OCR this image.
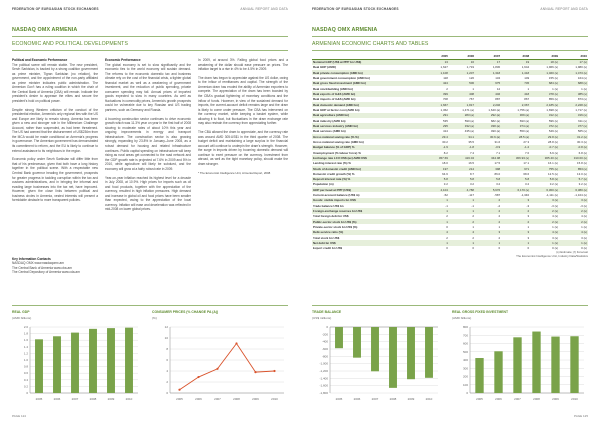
FEDERATION OF EUROASIAN STOCK EXCHANGES	ANNUAL REPORT AND DATA
NASDAQ OMX ARMENIA
ECONOMIC AND POLITICAL DEVELOPMENTS
Political and Economic Performance

The political scene will remain stable. The new president, Serzh Sarkisian, is backed by a strong coalition government as prime minister, Tigran Sarkisian (no relation), the government, and the appointment of the non-party affiliated as prime minister indicates public administration. The Armenian Gov't has a ruling coalition in which the chair of the Central Bank of Armenia (CBA) will remain. Indicate the president's desire to appease the elites and secure the president's hold on political power.

Despite strong Western criticism of the conduct of the presidential election, Armenia's only regional ties with the US and Europe are likely to remain strong. Armenia has been given a new and stronger role in the Millennium Challenge Account, rather than suspended, as had been threatened. The US had warned that the disbursement of US$236m from the MCA would be made conditional on Armenia's progress in governance. The Armenian government has demonstrated its commitment to reform, and the EU is likely to continue to extend assistance to its neighbours in the region.

Economic policy under Serzh Sarkisian will differ little from that of his predecessor, given that both have a long history together in the political scene. With a respectable new Central Bank governor heading the government, prospects for greater progress in tackling corruption within the tax and customs administrations, and in bringing the informal and evading large businesses into the tax net, have improved. However, given the close links between political and business circles in Armenia, vested interests will present a formidable obstacle to more transparent policies.

Economic Performance

The global economy is set to slow significantly and the economic ties to the world economy will sustain demand. The reforms to the economic domestic tax and business climate rely on the cost of the financial crisis, a tighter global financial market as well as a weakening of government investment, and the reduction of public spending, private consumer spending may fall. Annual prices of imported goods expected to slow in many countries. As well as fluctuations in commodity prices, Armenia's growth prospects could be vulnerable due to key Russian and US trading partners, such as Germany and Russia.

A booming construction sector continues to drive economic growth which was 11.3% year on year in the first half of 2008 slowing to moderate rates of about 10% this year and ongoing improvements in energy and transport infrastructure. The construction sector is also growing strongly, expanding by 23.8% in January–June 2008, as a robust demand for housing and related infrastructure continues. Public capital spending on infrastructure will keep rising as rural areas get connected to the road network and the GDP growth rate is projected at 7.6% in 2009 and 5% in 2010, while agriculture will likely be subdued, and the economy will grow at a fairly robust rate in 2009.

Year-on-year inflation reached its highest level for a decade in July 2008, at 10.9%. High prices for imports such as oil and food products, together with the appreciation of the currency, resulted in high inflation pressures. High demand and increase in global oil and food prices have been smaller than expected, owing to the appreciation of the local currency. Inflation will ease and deceleration was reflected in mid-2008 on lower global prices.

In 2009, at around 3%. Falling global food prices and a weakening of the dollar should ease pressure on prices. The inflation target is a rise in 4% to be 4.5% in 2009.

The dram has begun to appreciate against the US dollar, owing to the inflow of remittances and capital. The strength of the Armenian dram has eroded the ability of Armenian exporters to compete. The appreciation of the dram has been boosted by the CBA's gradual tightening of monetary conditions and the inflow of funds. However, in view of the sustained demand for imports, the current-account deficit remains large and the dram is likely to come under pressure. The CBA has intervened on the currency market, while keeping a basket system, while allowing it to float, but fluctuations in the dram exchange rate may also restrain the currency from appreciating further.

The CBA allowed the dram to appreciate, and the currency rate was around AMD 305:US$1 in the third quarter of 2008. The budget deficit and maintaining a large surplus in the financial account will continue to underpin the dram's strength. However, the surge in imports driven by booming domestic demand will continue to exert pressure on the currency. Investment from abroad, as well as the tight monetary policy, should make the dram stronger.

* The Economist Intelligence Unit, Armenia Report, 2008

Key Information Contacts
NASDAQ OMX www.nasdaqomx.am
The Central Bank of Armenia www.cba.am
The Central Depository of Armenia www.cda.am
REAL GDP
(AMD billions)
2.0
1.8
1.6
1.4
1.2
1.0
0.8
0.6
0.4
0.2
0
2005	2006	2007	2008	2009	2010
CONSUMER PRICES (% CHANGE PA (A))
(%)
12
10
8
6
4
2
0
2005	2006	2007	2008	2009	2010
PAGE 124
FEDERATION OF EUROASIAN STOCK EXCHANGES	ANNUAL REPORT AND DATA
NASDAQ OMX ARMENIA
ARMENIAN ECONOMIC CHARTS AND TABLES
	2005	2006	2007	2008	2009	2010
Nominal GDP (US$ at PPP bn US$)	13	16	17	19	18 (s)	17 (s)
Real GDP (AMD)	1,627	1,719	1,830	1,944	1,966 (s)	1,980 (s)
Real private consumption (AMD bn)	1,108	1,207	1,318	1,418	1,460 (s)	1,473 (s)
Real government consumption (AMD bn)	118	126	134	149	155 (s)	164 (s)
Real gross fixed investment (AMD bn)	424	506	675	745	684 (s)	688 (s)
Real stockbuilding (AMD bn)	2	1	12	1	1 (s)	1 (s)
Real exports of G&S (AMD bn)	399	408	446	418	378 (s)	385 (s)
Real imports of G&S (AMD bn)	708	767	887	867	859 (s)	873 (s)
Real domestic demand (AMD bn)	1,667	1,817	2,246	2,367	2,185 (s)	2,228 (s)
Real GDP at factor cost (AMD bn)	1,362	1,471 (a)	1,640 (a)	1,756 (a)	1,698 (s)	1,717 (s)
Real agriculture (AMD bn)	291	283 (a)	292 (a)	309 (a)	312 (s)	316 (s)
Real industry (AMD bn)	535	590 (a)	682 (a)	693 (a)	596 (s)	611 (s)
Real services industry (AMD bn)	295	332 (a)	338 (a)	374 (a)	372 (s)	377 (s)
Real services (AMD bn)	414	435 (a)	490 (a)	550 (a)	549 (s)	565 (s)
Gross national saving rate (% %)	29.4	34.1	30.6 (a)	28.5 (a)	29.8 (s)	31.2 (s)
Gross national saving rate (AMD bn)	30.2	35.5	31.6	27.3	28.8 (s)	30.3 (s)
Budget balance (% of GDP) %	-1.9	-1.8	-0.9	-1.2	-0.7 (s)	-0.8 (s)
Unemployment (% labour force) %	8.2	7.4	7.1	7.0	6.9 (s)	6.8 (s)
Exchange rate LCU:US$ (av) AMD:US$	457.69	416.04	342.08	306.93 (s)	305.40 (s)	310.00 (s)
Lending interest rate (%) %	18.0	16.5	17.5	17.1	16.1 (s)	15.8 (s)
Stock of domestic credit (AMD bn)	197	214	398	671	755 (s)	853 (s)
Domestic credit growth (%) %	64.6	8.7	86.0	68.6	12.5 (s)	13.0 (s)
Deposit interest rate (%) %	5.8	5.8	5.8	5.8	5.8 (s)	5.7 (s)
Population (m)	3.2	3.2	3.2	3.2	3.2 (s)	3.2 (s)
GDP per head at PPP (US$)	4,104	4,788	5,676	6,170 (s)	6,300 (s)	6,380 (s)
Current-account balance (US$ m)	-52	-117	-587	-1,340	-1,111 (s)	-1,104 (s)
Goods: visible imports bn US$	1	1	2	3	3 (s)	3 (s)
Trade balance US$ bn	-1	-1	-2	-3	-3 (s)	-3 (s)
Foreign-exchange reserves bn US$	1	1	2	2	2 (s)	2 (s)
Total foreign debt bn US$	2	2	2	3	4 (s)	4 (s)
Public-sector stock bn US$ (%)	1	2	2	2	2 (s)	2 (s)
Private-sector stock bn US$ (%)	0	1	1	1	1 (s)	1 (s)
Debt-service ratio (%)	4	4	3	3	4 (s)	4 (s)
Total stock bn US$	2	2	2	3	3 (s)	3 (s)
Net debt bn US$	1	1	1	1	1 (s)	1 (s)
Export credit bn US$	0	0	0	0	0 (s)	0 (s)
(s) Estimate; (f) Forecast
The Economist Intelligence Unit, Industry Data/Statistics
TRADE BALANCE
(US$ millions)
0
-200
-400
-600
-800
-1,000
-1,200
-1,400
-1,600
-1,800
2005	2006	2007	2008	2009	2010
REAL GROSS FIXED INVESTMENT
(AMD billions)
800
700
600
500
400
300
200
100
0
2005	2006	2007	2008	2009	2010
PAGE 125
